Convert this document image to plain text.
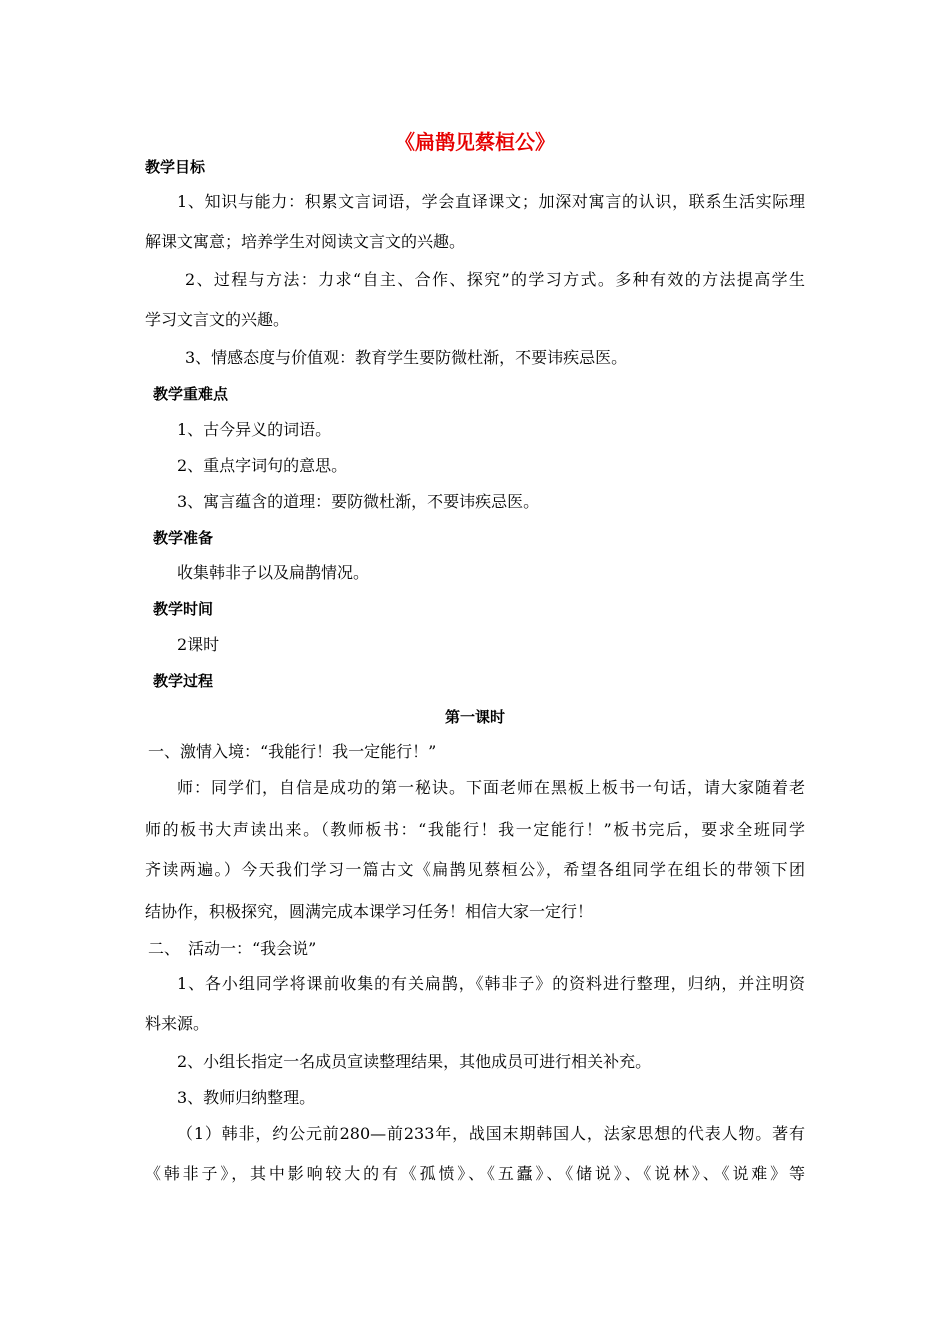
《扁鹊见蔡桓公》
教学目标
1、知识与能力：积累文言词语，学会直译课文；加深对寓言的认识，联系生活实际理
解课文寓意；培养学生对阅读文言文的兴趣。
2、过程与方法：力求“自主、合作、探究”的学习方式。多种有效的方法提高学生
学习文言文的兴趣。
3、情感态度与价值观：教育学生要防微杜渐，不要讳疾忌医。
教学重难点
1、古今异义的词语。
2、重点字词句的意思。
3、寓言蕴含的道理：要防微杜渐，不要讳疾忌医。
教学准备
收集韩非子以及扁鹊情况。
教学时间
2课时
教学过程
第一课时
一、激情入境：“我能行！我一定能行！”
师：同学们，自信是成功的第一秘诀。下面老师在黑板上板书一句话，请大家随着老
师的板书大声读出来。（教师板书：“我能行！我一定能行！”板书完后，要求全班同学
齐读两遍。）今天我们学习一篇古文《扁鹊见蔡桓公》，希望各组同学在组长的带领下团
结协作，积极探究，圆满完成本课学习任务！相信大家一定行！
二、　活动一：“我会说”
1、各小组同学将课前收集的有关扁鹊，《韩非子》的资料进行整理，归纳，并注明资
料来源。
2、小组长指定一名成员宣读整理结果，其他成员可进行相关补充。
3、教师归纳整理。
（1）韩非，约公元前280—前233年，战国末期韩国人，法家思想的代表人物。著有
《韩非子》，其中影响较大的有《孤愤》、《五蠹》、《储说》、《说林》、《说难》等
